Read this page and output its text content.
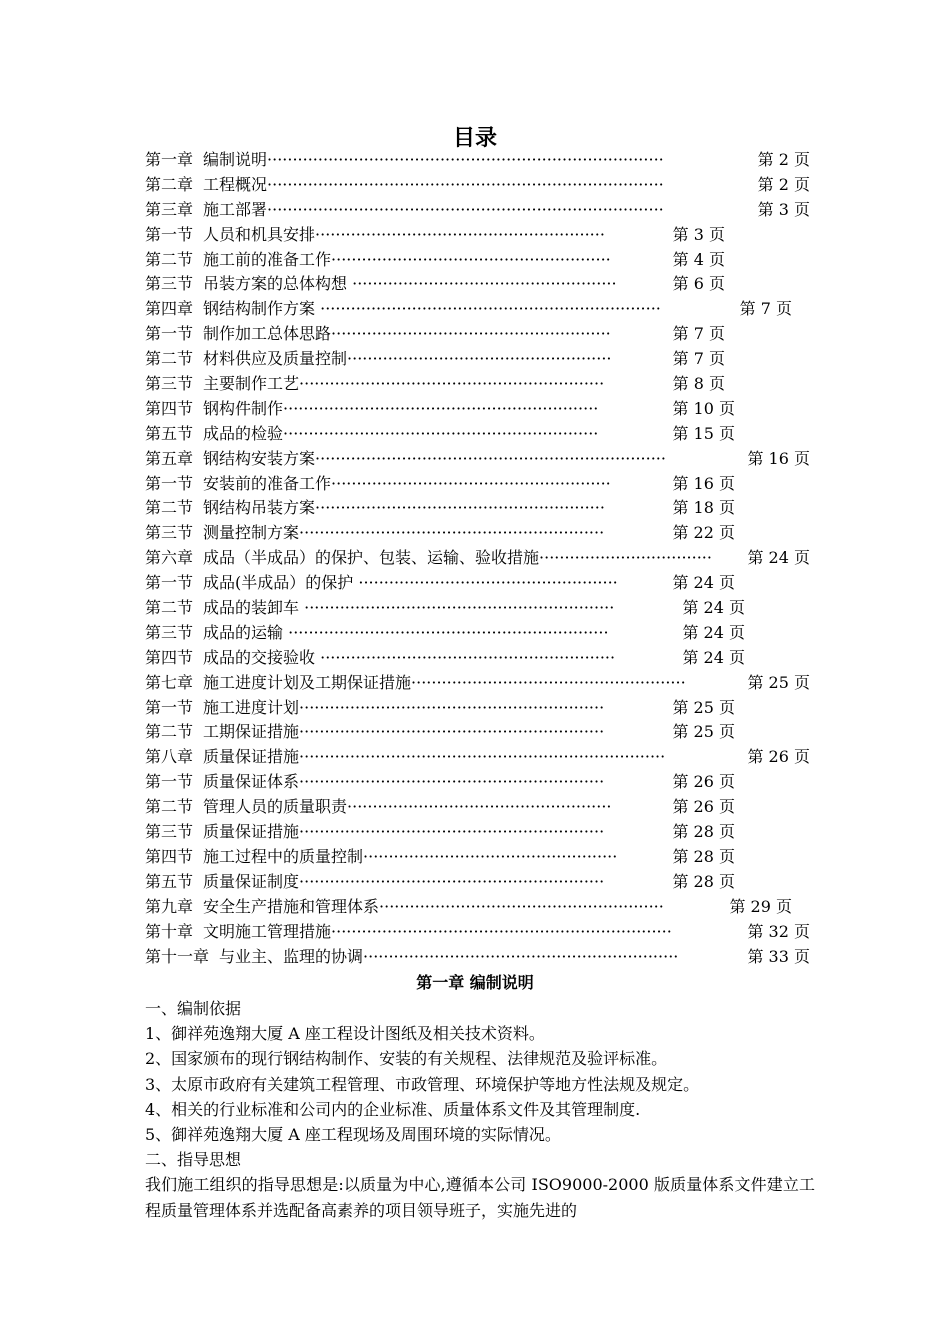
目录
第一章 编制说明 ··············································································	第 2 页
第二章 工程概况 ··············································································	第 2 页
第三章 施工部署 ··············································································	第 3 页
第一节 人员和机具安排 ·························································	第 3 页
第二节 施工前的准备工作 ·······················································	第 4 页
第三节 吊装方案的总体构想 ····················································	第 6 页
第四章 钢结构制作方案 ···································································	第 7 页
第一节 制作加工总体思路 ·······················································	第 7 页
第二节 材料供应及质量控制 ····················································	第 7 页
第三节 主要制作工艺 ····························································	第 8 页
第四节 钢构件制作 ······························································	第 10 页
第五节 成品的检验 ······························································	第 15 页
第五章 钢结构安装方案 ·····································································	第 16 页
第一节 安装前的准备工作 ·······················································	第 16 页
第二节 钢结构吊装方案 ·························································	第 18 页
第三节 测量控制方案 ····························································	第 22 页
第六章 成品（半成品）的保护、包装、运输、验收措施 ··································	第 24 页
第一节 成品(半成品）的保护 ···················································	第 24 页
第二节 成品的装卸车 ·····························································	第 24 页
第三节 成品的运输 ·······························································	第 24 页
第四节 成品的交接验收 ··························································	第 24 页
第七章 施工进度计划及工期保证措施 ······················································	第 25 页
第一节 施工进度计划 ····························································	第 25 页
第二节 工期保证措施 ····························································	第 25 页
第八章 质量保证措施 ········································································	第 26 页
第一节 质量保证体系 ····························································	第 26 页
第二节 管理人员的质量职责 ····················································	第 26 页
第三节 质量保证措施 ····························································	第 28 页
第四节 施工过程中的质量控制 ··················································	第 28 页
第五节 质量保证制度 ····························································	第 28 页
第九章 安全生产措施和管理体系 ························································	第 29 页
第十章 文明施工管理措施 ···································································	第 32 页
第十一章 与业主、监理的协调 ······························································	第 33 页
第一章 编制说明

一、编制依据

1、御祥苑逸翔大厦 A 座工程设计图纸及相关技术资料。

2、国家颁布的现行钢结构制作、安装的有关规程、法律规范及验评标准。

3、太原市政府有关建筑工程管理、市政管理、环境保护等地方性法规及规定。

4、相关的行业标准和公司内的企业标准、质量体系文件及其管理制度.

5、御祥苑逸翔大厦 A 座工程现场及周围环境的实际情况。

二、指导思想

我们施工组织的指导思想是:以质量为中心,遵循本公司 ISO9000-2000 版质量体系文件建立工程质量管理体系并选配备高素养的项目领导班子，实施先进的
